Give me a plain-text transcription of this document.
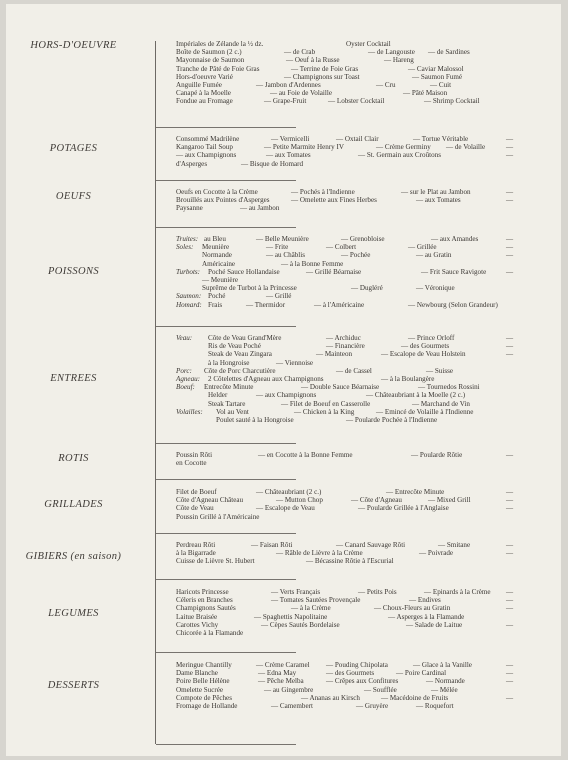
HORS-D'OEUVRE	Impériales de Zélande la ½ dz.	Oyster Cocktail
Boîte de Saumon (2 c.)	— de Crab	— de Langouste — de Sardines
Mayonnaise de Saumon	— Oeuf à la Russe	— Hareng
Tranche de Pâté de Foie Gras	— Terrine de Foie Gras	— Caviar Malossol
Hors-d'oeuvre Varié	— Champignons sur Toast	— Saumon Fumé
Anguille Fumée	— Jambon d'Ardennes	— Cru	— Cuit
Canapé à la Moelle	— au Foie de Volaille	— Pâté Maison
Fondue au Fromage	— Grape-Fruit	— Lobster Cocktail	— Shrimp Cocktail
POTAGES
Consommé Madrilène	— Vermicelli	— Oxtail Clair	— Tortue Véritable	—
Kangaroo Tail Soup	— Petite Marmite Henry IV	— Crème Germiny — de Volaille	—
— aux Champignons	— aux Tomates	— St. Germain aux Croûtons	—
d'Asperges	— Bisque de Homard
OEUFS	Oeufs en Cocotte à la Crème	— Pochés à l'Indienne	— sur le Plat au Jambon	—
Brouillés aux Pointes d'Asperges	— Omelette aux Fines Herbes	— aux Tomates	—
Paysanne	— au Jambon
POISSONS
Truites: au Bleu	— Belle Meunière	— Grenobloise	— aux Amandes	—
Soles: Meunière	— Frite	— Colbert	— Grillée	—
Normande	— au Châblis	— Pochée	— au Gratin	—
Américaine	— à la Bonne Femme
Turbots: Poché Sauce Hollandaise	— Grillé Béarnaise	— Frit Sauce Ravigote	—
— Meunière
Suprême de Turbot à la Princesse	— Dugléré	— Véronique
Saumon: Poché	— Grillé
Homard: Frais	— Thermidor	— à l'Américaine	— Newbourg (Selon Grandeur)
ENTREES
Veau: Côte de Veau Grand'Mère	— Archiduc	— Prince Orloff	—
Ris de Veau Poché	— Financière	— des Gourmets	—
Steak de Veau Zingara	— Mainteon	— Escalope de Veau Holstein	—
à la Hongroise	— Viennoise
Porc: Côte de Porc Charcutière	— de Cassel	— Suisse
Agneau: 2 Côtelettes d'Agneau aux Champignons	— à la Boulangère
Boeuf: Entrecôte Minute	— Double Sauce Béarnaise	— Tournedos Rossini
Helder	— aux Champignons	— Châteaubriant à la Moelle (2 c.)
Steak Tartare	— Filet de Boeuf en Casserolle	— Marchand de Vin
Volailles: Vol au Vent	— Chicken à la King	— Emincé de Volaille à l'Indienne
Poulet sauté à la Hongroise	— Poularde Pochée à l'Indienne
ROTIS	Poussin Rôti	— en Cocotte à la Bonne Femme	— Poularde Rôtie	—
en Cocotte
GRILLADES
Filet de Boeuf	— Châteaubriant (2 c.)	— Entrecôte Minute	—
Côte d'Agneau Château	— Mutton Chop	— Côte d'Agneau	— Mixed Grill	—
Côte de Veau	— Escalope de Veau	— Poularde Grillée à l'Anglaise	—
Poussin Grillé à l'Américaine
GIBIERS (en saison)
Perdreau Rôti	— Faisan Rôti	— Canard Sauvage Rôti	— Smitane	—
à la Bigarrade	— Râble de Lièvre à la Crème	— Poivrade	—
Cuisse de Lièvre St. Hubert	— Bécassine Rôtie à l'Escurial
LEGUMES
Haricots Princesse	— Verts Français	— Petits Pois	— Epinards à la Crème —
Céleris en Branches	— Tomates Sautées Provençale	— Endives	—
Champignons Sautés	— à la Crème	— Choux-Fleurs au Gratin	—
Laitue Braisée	— Spaghettis Napolitaine	— Asperges à la Flamande
Carottes Vichy	— Cèpes Sautés Bordelaise	— Salade de Laitue	—
Chicorée à la Flamande
DESSERTS
Meringue Chantilly	— Crème Caramel — Pouding Chipolata	— Glace à la Vanille	—
Dame Blanche	— Edna May	— des Gourmets	— Poire Cardinal	—
Poire Belle Hélène	— Pêche Melba	— Crêpes aux Confitures	— Normande	—
Omelette Sucrée	— au Gingembre	— Soufflée	— Mélée
Compote de Pêches	— Ananas au Kirsch	— Macédoine de Fruits	—
Fromage de Hollande	— Camembert	— Gruyère	— Roquefort
